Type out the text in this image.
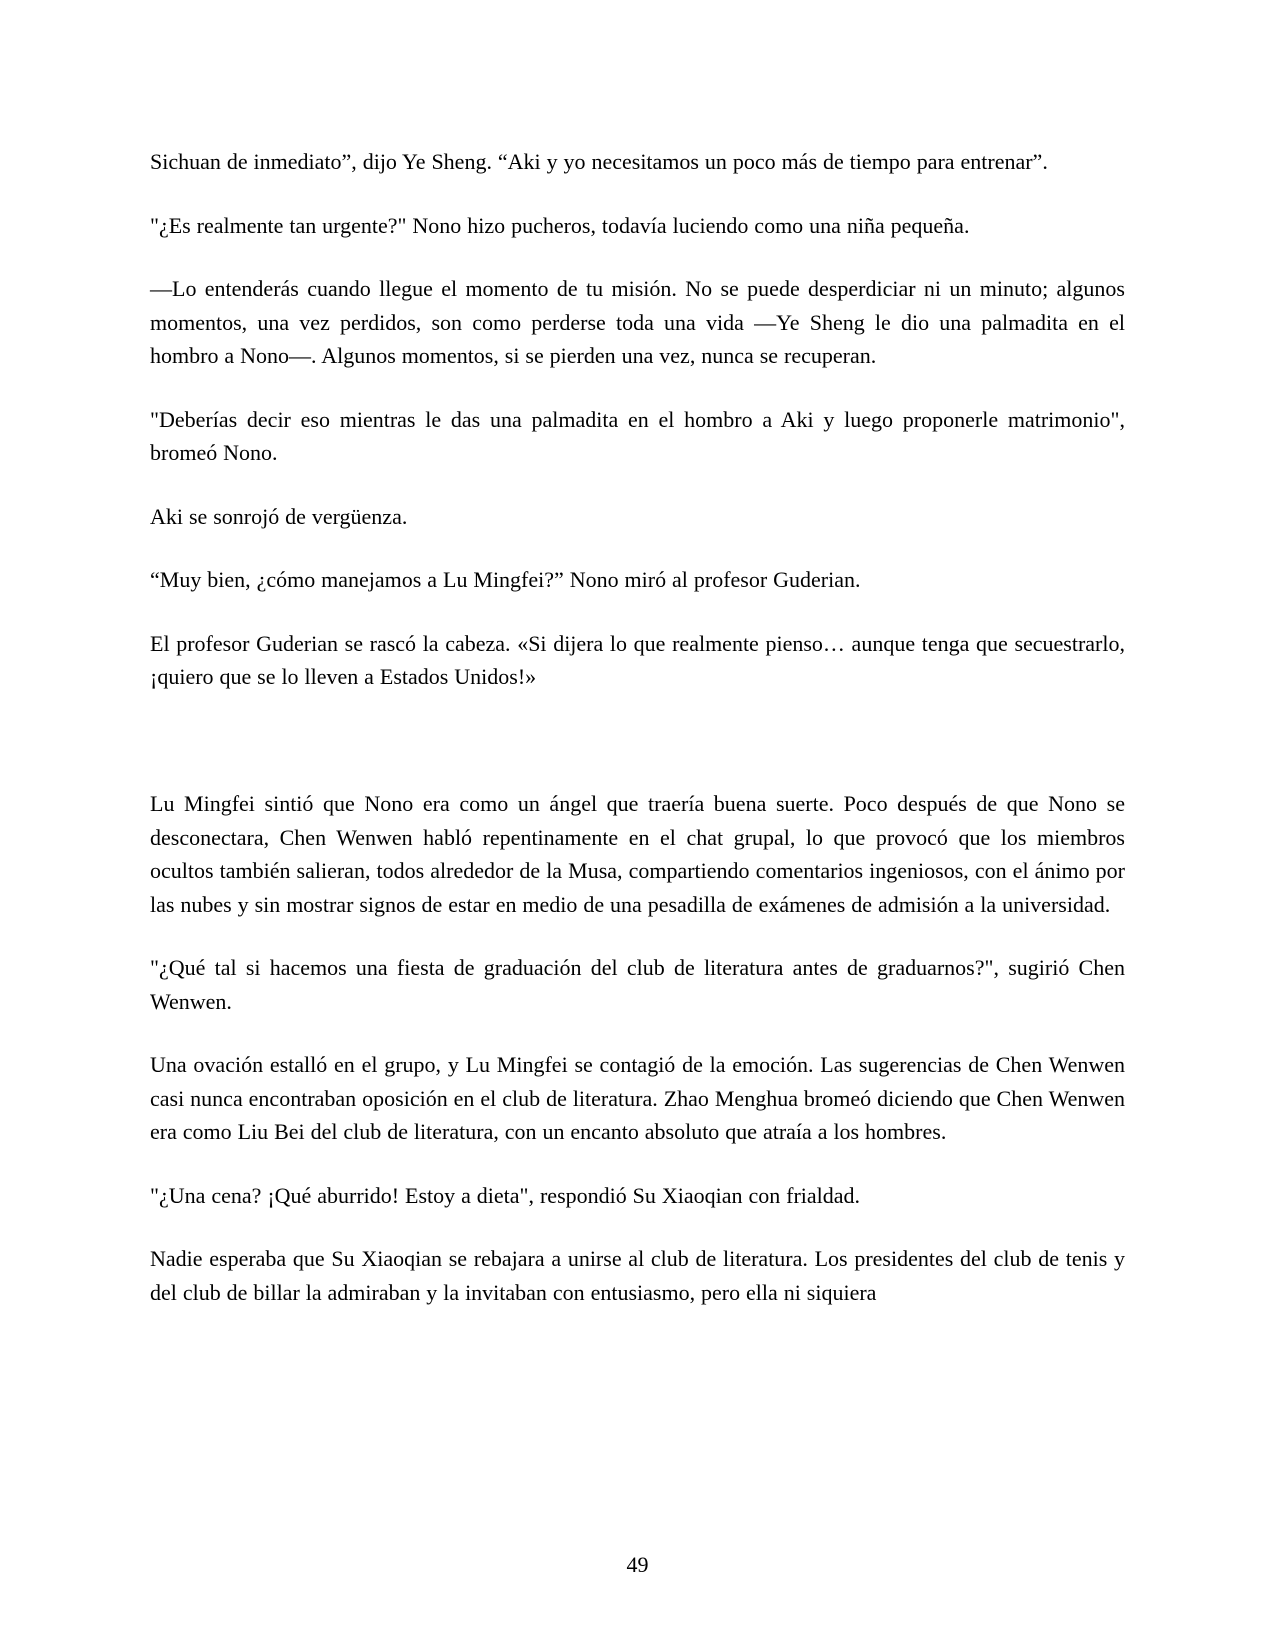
Sichuan de inmediato”, dijo Ye Sheng. “Aki y yo necesitamos un poco más de tiempo para entrenar”.

"¿Es realmente tan urgente?" Nono hizo pucheros, todavía luciendo como una niña pequeña.

—Lo entenderás cuando llegue el momento de tu misión. No se puede desperdiciar ni un minuto; algunos momentos, una vez perdidos, son como perderse toda una vida —Ye Sheng le dio una palmadita en el hombro a Nono—. Algunos momentos, si se pierden una vez, nunca se recuperan.

"Deberías decir eso mientras le das una palmadita en el hombro a Aki y luego proponerle matrimonio", bromeó Nono.

Aki se sonrojó de vergüenza.

“Muy bien, ¿cómo manejamos a Lu Mingfei?” Nono miró al profesor Guderian.

El profesor Guderian se rascó la cabeza. «Si dijera lo que realmente pienso… aunque tenga que secuestrarlo, ¡quiero que se lo lleven a Estados Unidos!»

Lu Mingfei sintió que Nono era como un ángel que traería buena suerte. Poco después de que Nono se desconectara, Chen Wenwen habló repentinamente en el chat grupal, lo que provocó que los miembros ocultos también salieran, todos alrededor de la Musa, compartiendo comentarios ingeniosos, con el ánimo por las nubes y sin mostrar signos de estar en medio de una pesadilla de exámenes de admisión a la universidad.

"¿Qué tal si hacemos una fiesta de graduación del club de literatura antes de graduarnos?", sugirió Chen Wenwen.

Una ovación estalló en el grupo, y Lu Mingfei se contagió de la emoción. Las sugerencias de Chen Wenwen casi nunca encontraban oposición en el club de literatura. Zhao Menghua bromeó diciendo que Chen Wenwen era como Liu Bei del club de literatura, con un encanto absoluto que atraía a los hombres.

"¿Una cena? ¡Qué aburrido! Estoy a dieta", respondió Su Xiaoqian con frialdad.

Nadie esperaba que Su Xiaoqian se rebajara a unirse al club de literatura. Los presidentes del club de tenis y del club de billar la admiraban y la invitaban con entusiasmo, pero ella ni siquiera

49
